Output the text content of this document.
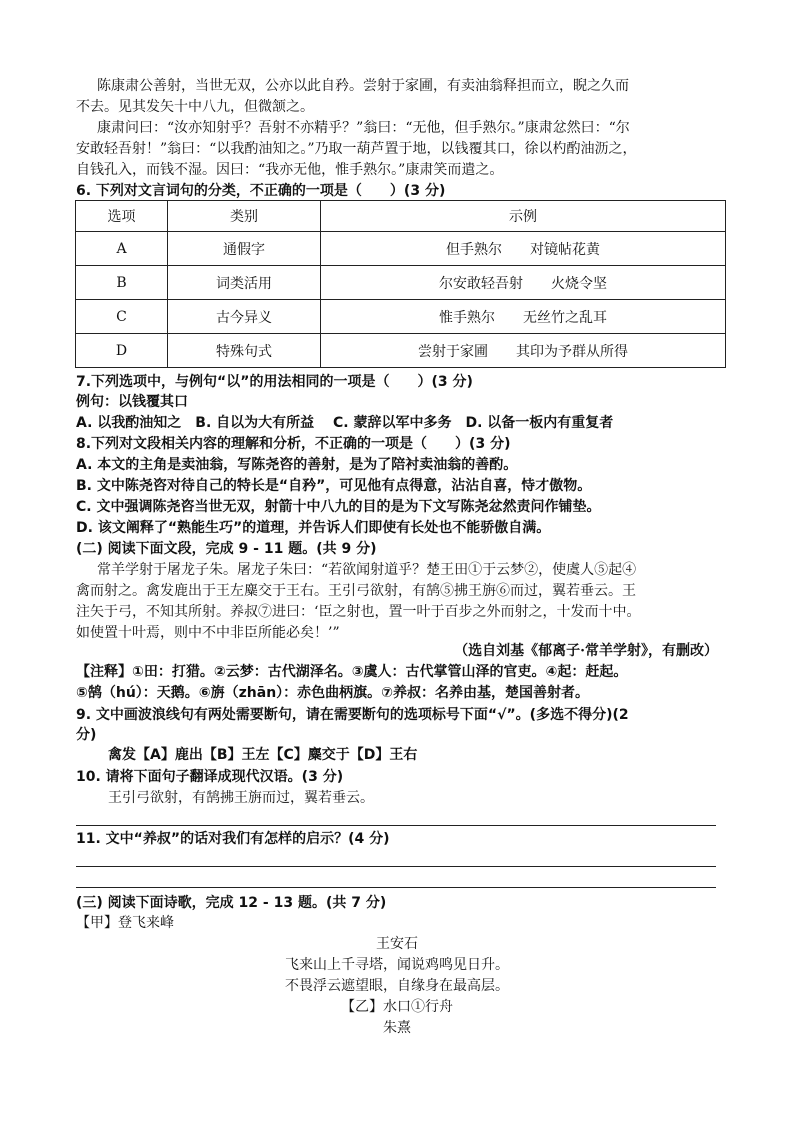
陈康肃公善射，当世无双，公亦以此自矜。尝射于家圃，有卖油翁释担而立，睨之久而
不去。见其发矢十中八九，但微颔之。
康肃问曰：“汝亦知射乎？吾射不亦精乎？”翁曰：“无他，但手熟尔。”康肃忿然曰：“尔
安敢轻吾射！”翁曰：“以我酌油知之。”乃取一葫芦置于地，以钱覆其口，徐以杓酌油沥之，
自钱孔入，而钱不湿。因曰：“我亦无他，惟手熟尔。”康肃笑而遣之。
6. 下列对文言词句的分类，不正确的一项是（　　）(3 分)
选项	类别	示例
A	通假字	但手熟尔　　对镜帖花黄
B	词类活用	尔安敢轻吾射　　火烧令坚
C	古今异义	惟手熟尔　　无丝竹之乱耳
D	特殊句式	尝射于家圃　　其印为予群从所得
7.下列选项中，与例句“以”的用法相同的一项是（　　）(3 分)
例句：以钱覆其口
A. 以我酌油知之　B. 自以为大有所益　 C. 蒙辞以军中多务　D. 以备一板内有重复者
8.下列对文段相关内容的理解和分析，不正确的一项是（　　）(3 分)
A. 本文的主角是卖油翁，写陈尧咨的善射，是为了陪衬卖油翁的善酌。
B. 文中陈尧咨对待自己的特长是“自矜”，可见他有点得意，沾沾自喜，恃才傲物。
C. 文中强调陈尧咨当世无双，射箭十中八九的目的是为下文写陈尧忿然责问作铺垫。
D. 该文阐释了“熟能生巧”的道理，并告诉人们即使有长处也不能骄傲自满。
(二) 阅读下面文段，完成 9 - 11 题。(共 9 分)
常羊学射于屠龙子朱。屠龙子朱曰：“若欲闻射道乎？楚王田①于云梦②，使虞人⑤起④
禽而射之。禽发鹿出于王左麋交于王右。王引弓欲射，有鹄⑤拂王旃⑥而过，翼若垂云。王
注矢于弓，不知其所射。养叔⑦进曰：‘臣之射也，置一叶于百步之外而射之，十发而十中。
如使置十叶焉，则中不中非臣所能必矣！’”
（选自刘基《郁离子·常羊学射》，有删改）
【注释】①田：打猎。②云梦：古代湖泽名。③虞人：古代掌管山泽的官吏。④起：赶起。
⑤鹄（hú）：天鹅。⑥旃（zhān）：赤色曲柄旗。⑦养叔：名养由基，楚国善射者。
9. 文中画波浪线句有两处需要断句，请在需要断句的选项标号下面“√”。(多选不得分)(2
分)
禽发【A】鹿出【B】王左【C】麋交于【D】王右
10. 请将下面句子翻译成现代汉语。(3 分)
王引弓欲射，有鹄拂王旃而过，翼若垂云。
11. 文中“养叔”的话对我们有怎样的启示？(4 分)
(三) 阅读下面诗歌，完成 12 - 13 题。(共 7 分)
【甲】登飞来峰
王安石
飞来山上千寻塔，闻说鸡鸣见日升。
不畏浮云遮望眼，自缘身在最高层。
【乙】水口①行舟
朱熹
